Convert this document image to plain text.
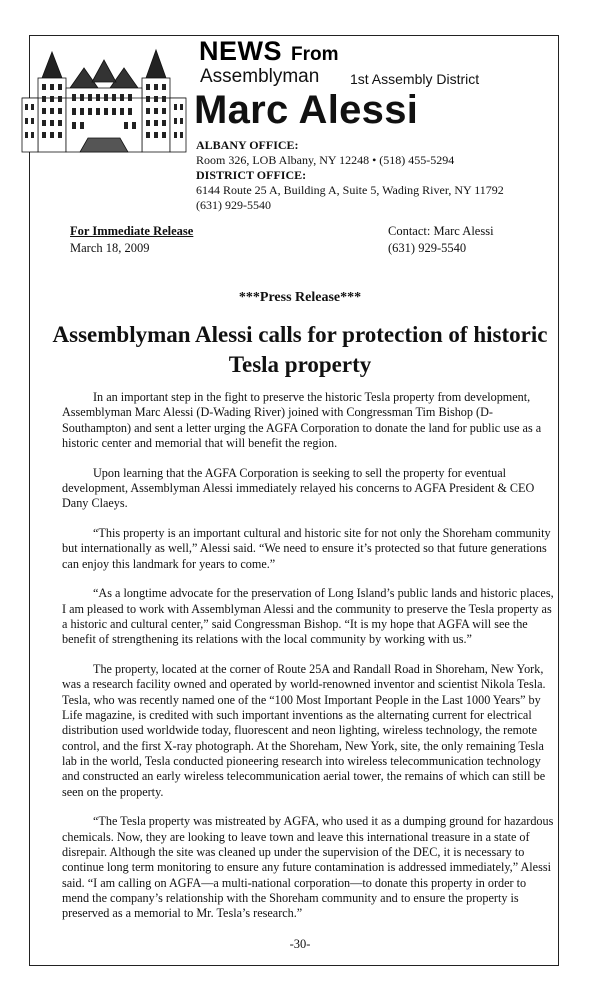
NEWS From
Assemblyman 1st Assembly District
Marc Alessi
ALBANY OFFICE:
Room 326, LOB Albany, NY 12248 • (518) 455-5294
DISTRICT OFFICE:
6144 Route 25 A, Building A, Suite 5, Wading River, NY 11792
(631) 929-5540
For Immediate Release
March 18, 2009
Contact: Marc Alessi
(631) 929-5540
***Press Release***
Assemblyman Alessi calls for protection of historic Tesla property

In an important step in the fight to preserve the historic Tesla property from development, Assemblyman Marc Alessi (D-Wading River) joined with Congressman Tim Bishop (D-Southampton) and sent a letter urging the AGFA Corporation to donate the land for public use as a historic center and memorial that will benefit the region.

Upon learning that the AGFA Corporation is seeking to sell the property for eventual development, Assemblyman Alessi immediately relayed his concerns to AGFA President & CEO Dany Claeys.

“This property is an important cultural and historic site for not only the Shoreham community but internationally as well,” Alessi said. “We need to ensure it’s protected so that future generations can enjoy this landmark for years to come.”

“As a longtime advocate for the preservation of Long Island’s public lands and historic places, I am pleased to work with Assemblyman Alessi and the community to preserve the Tesla property as a historic and cultural center,” said Congressman Bishop. “It is my hope that AGFA will see the benefit of strengthening its relations with the local community by working with us.”

The property, located at the corner of Route 25A and Randall Road in Shoreham, New York, was a research facility owned and operated by world-renowned inventor and scientist Nikola Tesla. Tesla, who was recently named one of the “100 Most Important People in the Last 1000 Years” by Life magazine, is credited with such important inventions as the alternating current for electrical distribution used worldwide today, fluorescent and neon lighting, wireless technology, the remote control, and the first X-ray photograph. At the Shoreham, New York, site, the only remaining Tesla lab in the world, Tesla conducted pioneering research into wireless telecommunication technology and constructed an early wireless telecommunication aerial tower, the remains of which can still be seen on the property.

“The Tesla property was mistreated by AGFA, who used it as a dumping ground for hazardous chemicals. Now, they are looking to leave town and leave this international treasure in a state of disrepair. Although the site was cleaned up under the supervision of the DEC, it is necessary to continue long term monitoring to ensure any future contamination is addressed immediately,” Alessi said. “I am calling on AGFA—a multi-national corporation—to donate this property in order to mend the company’s relationship with the Shoreham community and to ensure the property is preserved as a memorial to Mr. Tesla’s research.”

-30-
